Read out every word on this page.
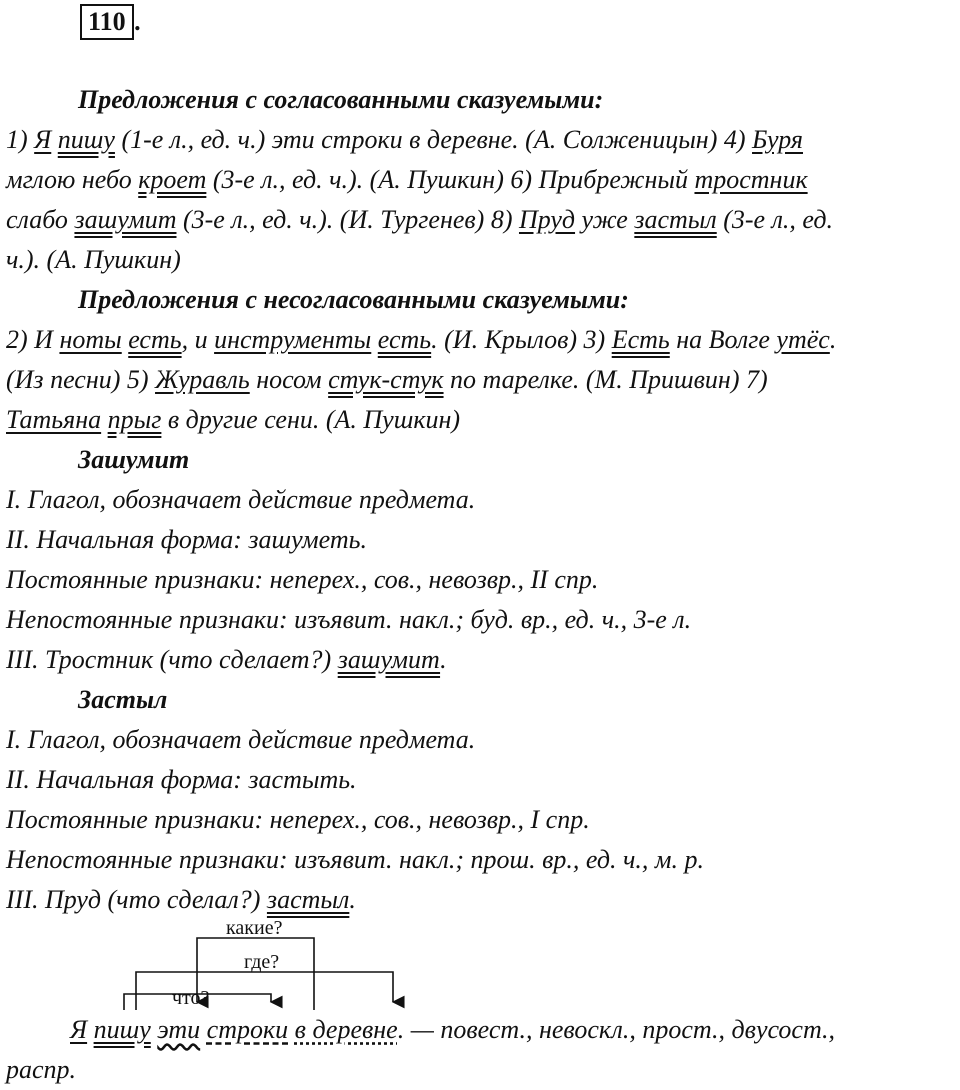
110 .
Предложения с согласованными сказуемыми:
1) Я пишу (1-е л., ед. ч.) эти строки в деревне. (А. Солженицын) 4) Буря
мглою небо кроет (3-е л., ед. ч.). (А. Пушкин) 6) Прибрежный тростник
слабо зашумит (3-е л., ед. ч.). (И. Тургенев) 8) Пруд уже застыл (3-е л., ед.
ч.). (А. Пушкин)
Предложения с несогласованными сказуемыми:
2) И ноты есть, и инструменты есть. (И. Крылов) 3) Есть на Волге утёс.
(Из песни) 5) Журавль носом стук-стук по тарелке. (М. Пришвин) 7)
Татьяна прыг в другие сени. (А. Пушкин)
Зашумит
I. Глагол, обозначает действие предмета.
II. Начальная форма: зашуметь.
Постоянные признаки: неперех., сов., невозвр., II спр.
Непостоянные признаки: изъявит. накл.; буд. вр., ед. ч., 3-е л.
III. Тростник (что сделает?) зашумит.
Застыл
I. Глагол, обозначает действие предмета.
II. Начальная форма: застыть.
Постоянные признаки: неперех., сов., невозвр., I спр.
Непостоянные признаки: изъявит. накл.; прош. вр., ед. ч., м. р.
III. Пруд (что сделал?) застыл.
какие?
где?
что?
Я пишу эти строки в деревне. — повест., невоскл., прост., двусост.,
распр.
